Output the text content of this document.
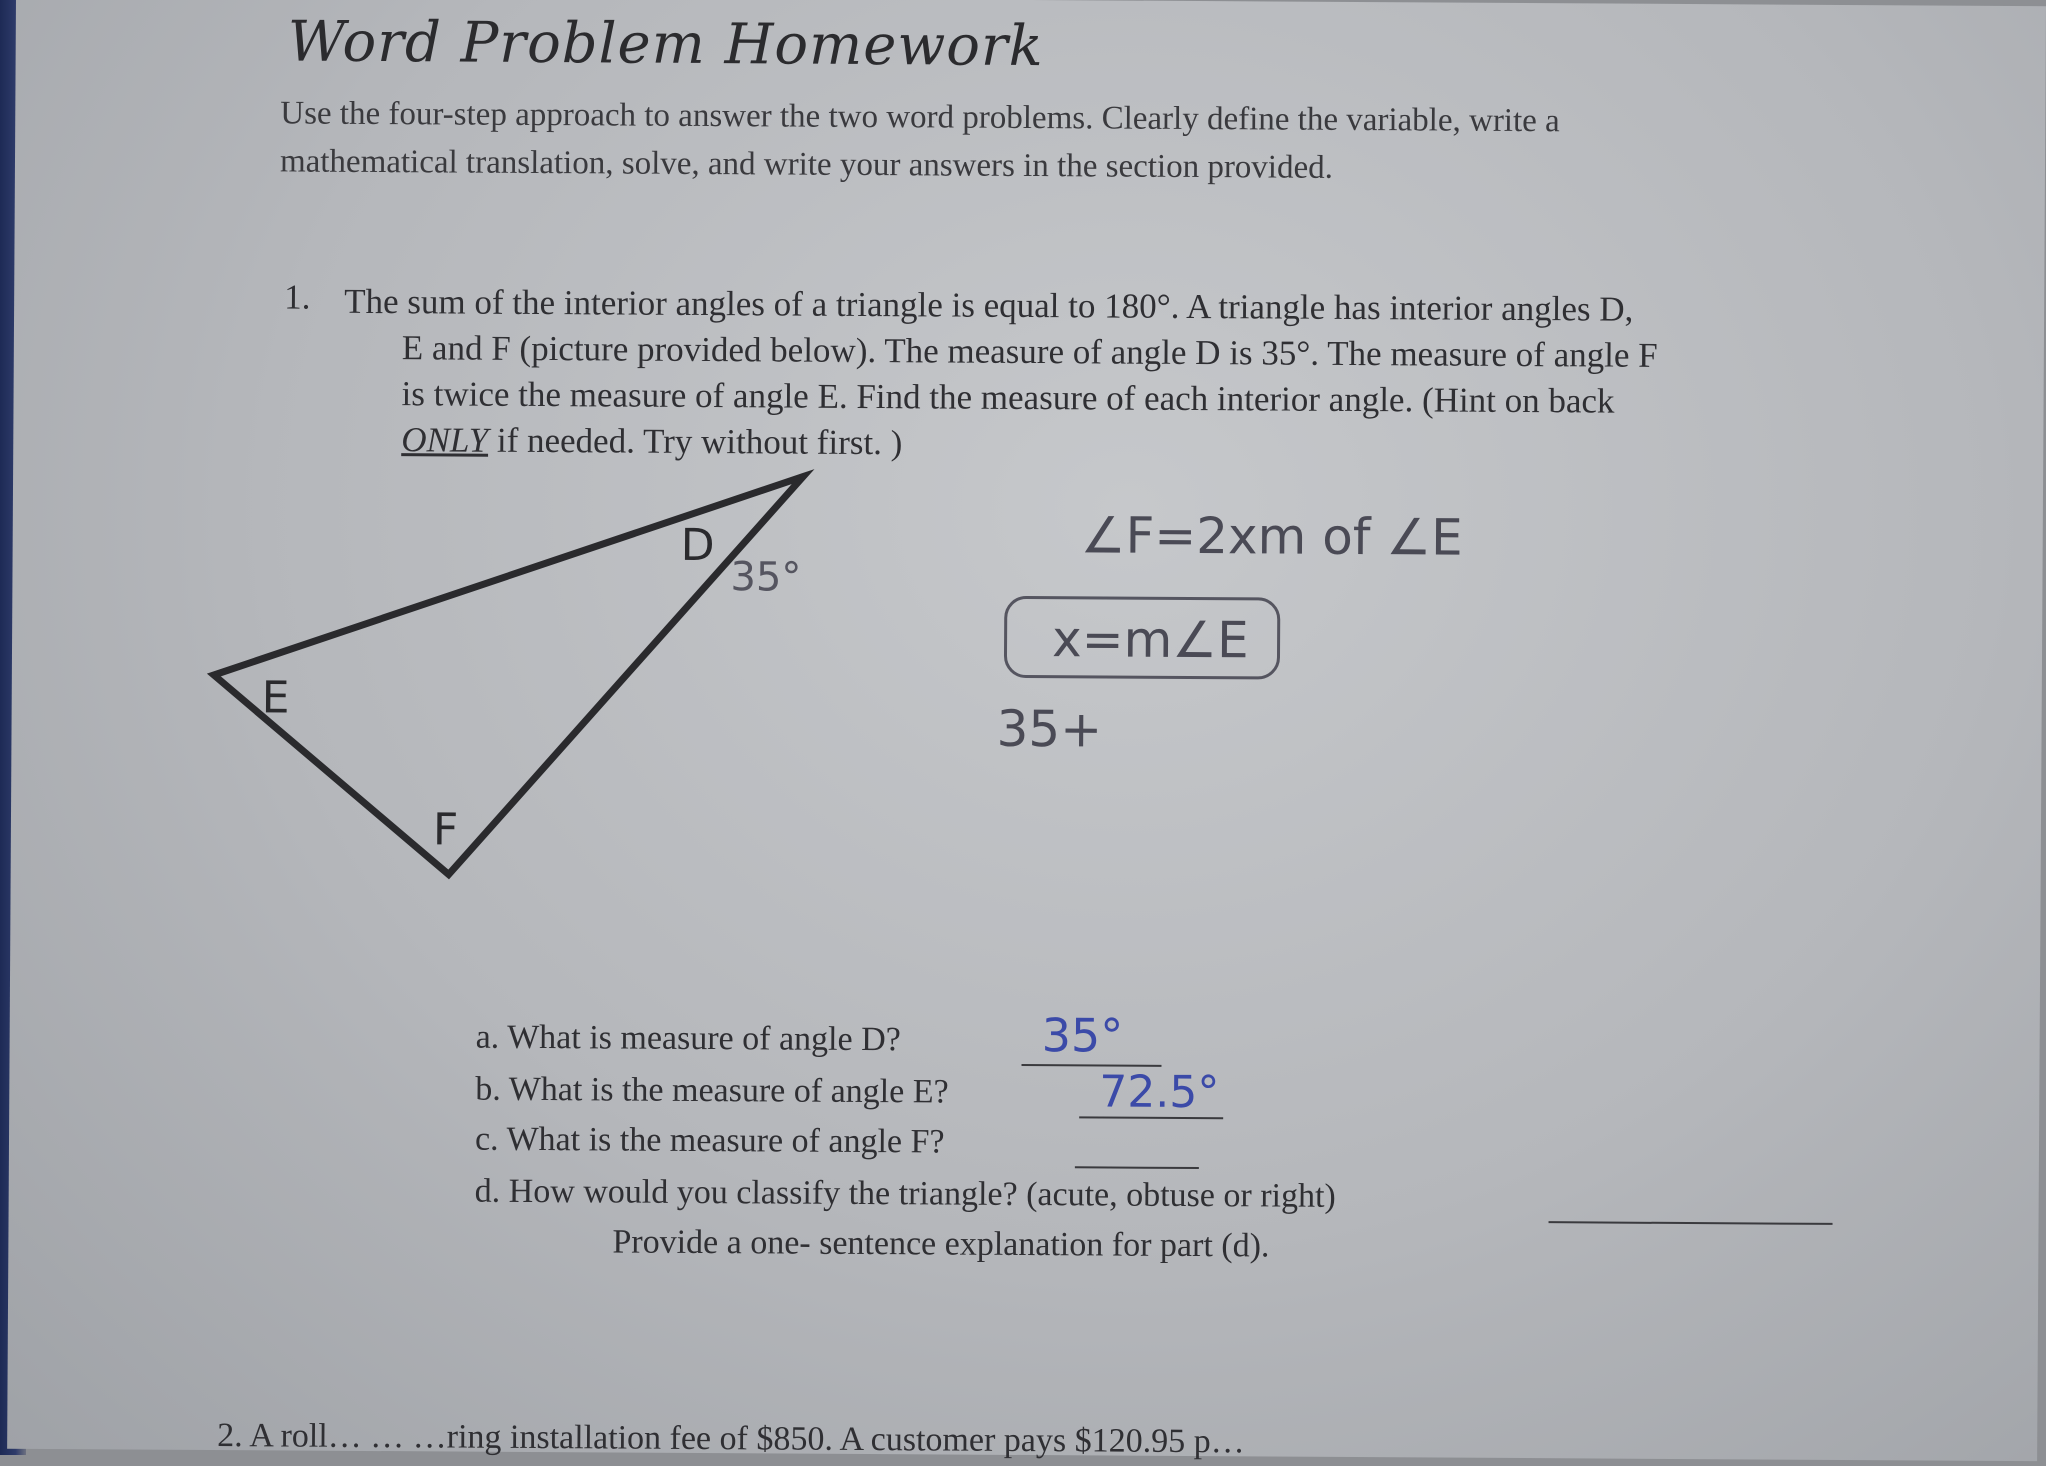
Word Problem Homework
Use the four-step approach to answer the two word problems. Clearly define the variable, write a
mathematical translation, solve, and write your answers in the section provided.
1. The sum of the interior angles of a triangle is equal to 180°. A triangle has interior angles D,
E and F (picture provided below). The measure of angle D is 35°. The measure of angle F
is twice the measure of angle E. Find the measure of each interior angle. (Hint on back
ONLY if needed. Try without first. )
D
E
F
35°
∠F=2xm of ∠E
x=m∠E
35+
a. What is measure of angle D?	35°
b. What is the measure of angle E?	72.5°
c. What is the measure of angle F?
d. How would you classify the triangle? (acute, obtuse or right)
Provide a one- sentence explanation for part (d).
2. A roll… … …ring installation fee of $850. A customer pays $120.95 p…
